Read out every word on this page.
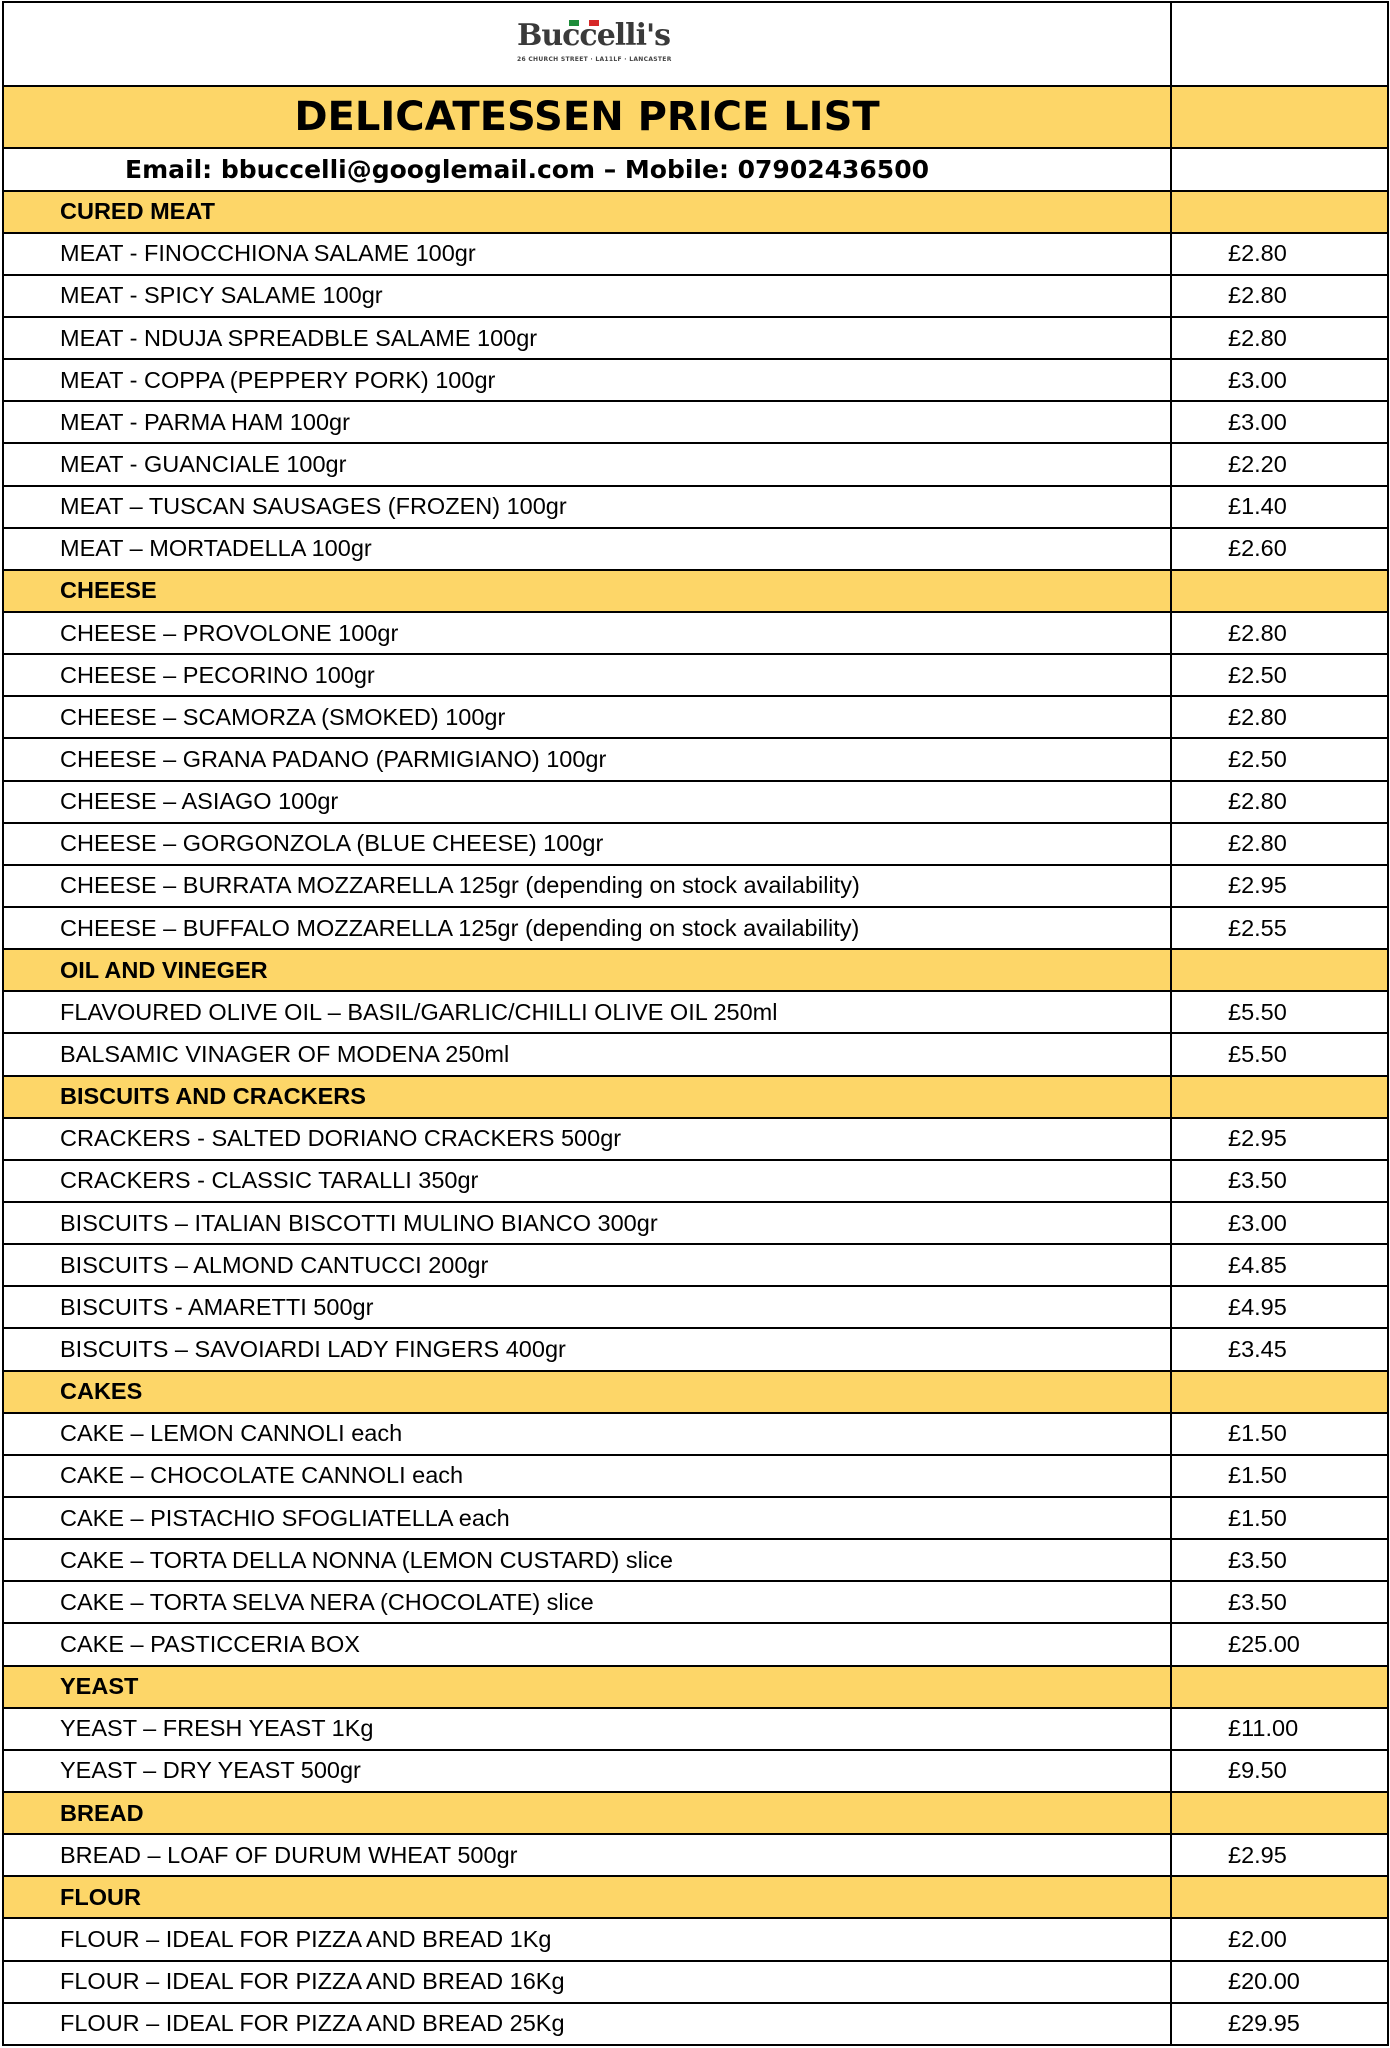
Buccelli's
26 CHURCH STREET · LA11LF · LANCASTER	

DELICATESSEN PRICE LIST	
Email: bbuccelli@googlemail.com – Mobile: 07902436500	
CURED MEAT	
MEAT - FINOCCHIONA SALAME 100gr	£2.80
MEAT - SPICY SALAME 100gr	£2.80
MEAT - NDUJA SPREADBLE SALAME 100gr	£2.80
MEAT - COPPA (PEPPERY PORK) 100gr	£3.00
MEAT - PARMA HAM 100gr	£3.00
MEAT - GUANCIALE 100gr	£2.20
MEAT – TUSCAN SAUSAGES (FROZEN) 100gr	£1.40
MEAT – MORTADELLA 100gr	£2.60
CHEESE	
CHEESE – PROVOLONE 100gr	£2.80
CHEESE – PECORINO 100gr	£2.50
CHEESE – SCAMORZA (SMOKED) 100gr	£2.80
CHEESE – GRANA PADANO (PARMIGIANO) 100gr	£2.50
CHEESE – ASIAGO 100gr	£2.80
CHEESE – GORGONZOLA (BLUE CHEESE) 100gr	£2.80
CHEESE – BURRATA MOZZARELLA 125gr (depending on stock availability)	£2.95
CHEESE – BUFFALO MOZZARELLA 125gr (depending on stock availability)	£2.55
OIL AND VINEGER	
FLAVOURED OLIVE OIL – BASIL/GARLIC/CHILLI OLIVE OIL 250ml	£5.50
BALSAMIC VINAGER OF MODENA 250ml	£5.50
BISCUITS AND CRACKERS	
CRACKERS - SALTED DORIANO CRACKERS 500gr	£2.95
CRACKERS - CLASSIC TARALLI 350gr	£3.50
BISCUITS – ITALIAN BISCOTTI MULINO BIANCO 300gr	£3.00
BISCUITS – ALMOND CANTUCCI 200gr	£4.85
BISCUITS - AMARETTI 500gr	£4.95
BISCUITS – SAVOIARDI LADY FINGERS 400gr	£3.45
CAKES	
CAKE – LEMON CANNOLI each	£1.50
CAKE – CHOCOLATE CANNOLI each	£1.50
CAKE – PISTACHIO SFOGLIATELLA each	£1.50
CAKE – TORTA DELLA NONNA (LEMON CUSTARD) slice	£3.50
CAKE – TORTA SELVA NERA (CHOCOLATE) slice	£3.50
CAKE – PASTICCERIA BOX	£25.00
YEAST	
YEAST – FRESH YEAST 1Kg	£11.00
YEAST – DRY YEAST 500gr	£9.50
BREAD	
BREAD – LOAF OF DURUM WHEAT 500gr	£2.95
FLOUR	
FLOUR – IDEAL FOR PIZZA AND BREAD 1Kg	£2.00
FLOUR – IDEAL FOR PIZZA AND BREAD 16Kg	£20.00
FLOUR – IDEAL FOR PIZZA AND BREAD 25Kg	£29.95
